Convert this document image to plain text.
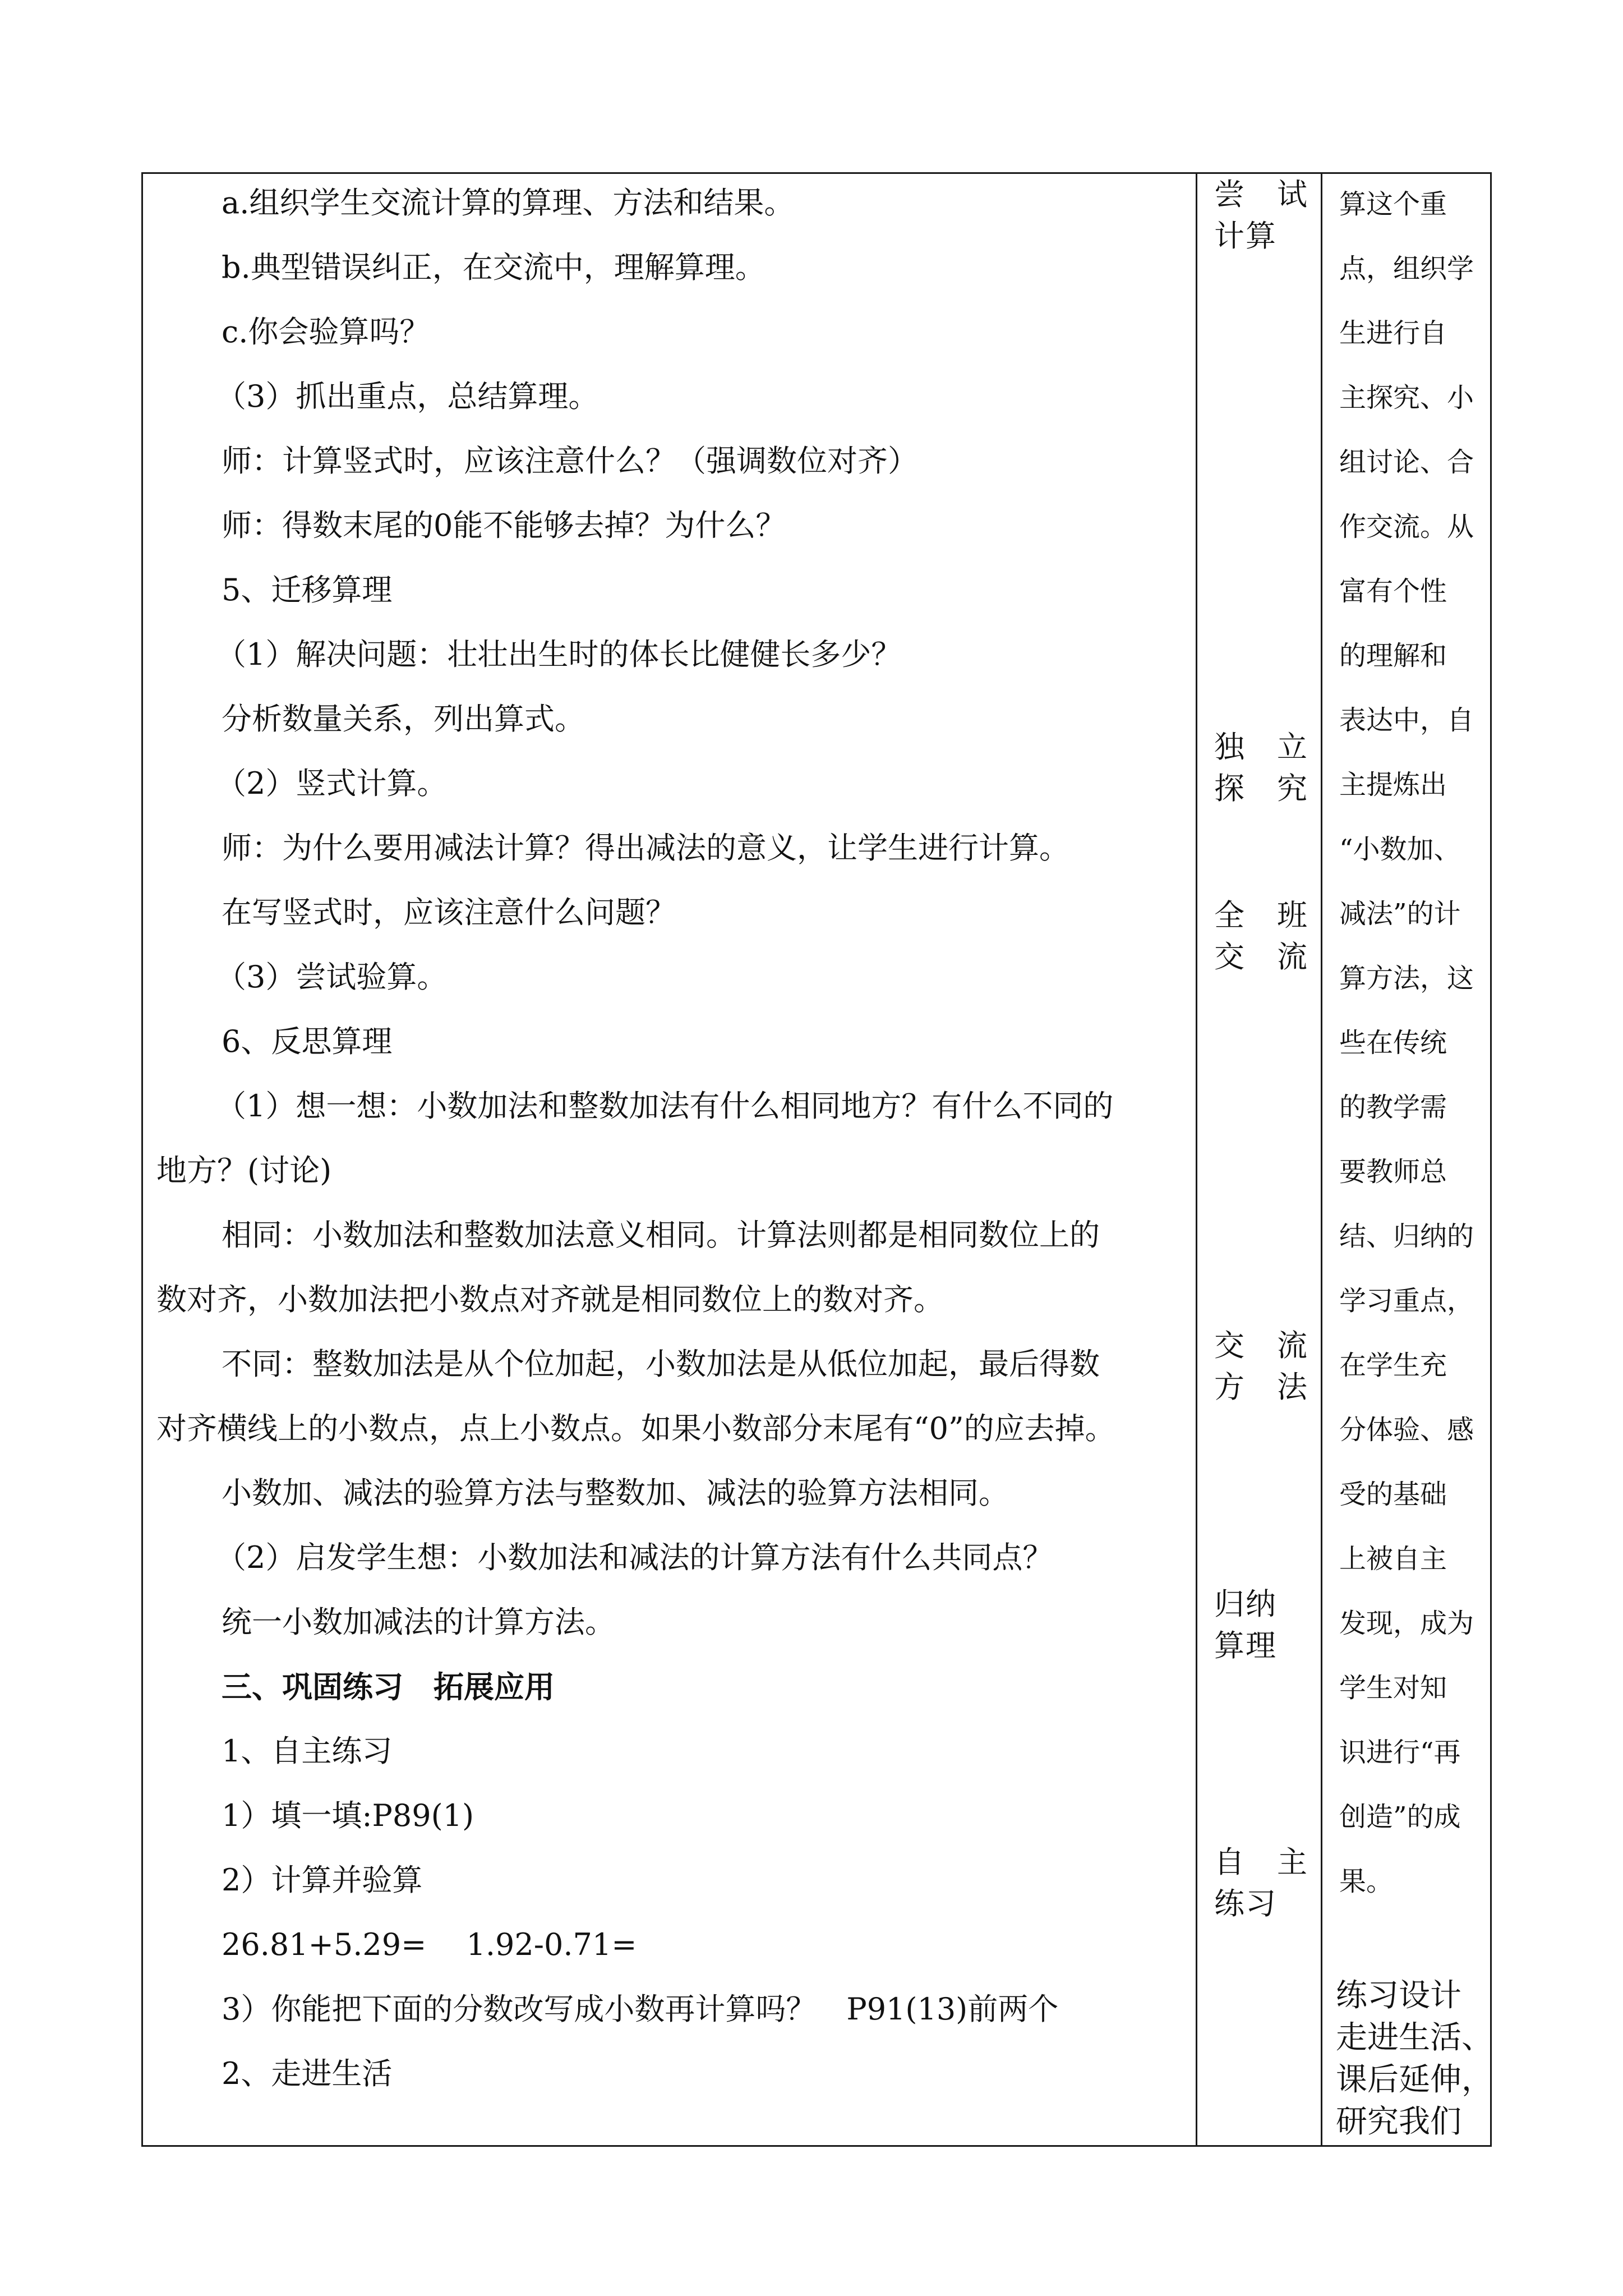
a.组织学生交流计算的算理、方法和结果。
b.典型错误纠正，在交流中，理解算理。
c.你会验算吗？
（3）抓出重点，总结算理。
师：计算竖式时，应该注意什么？（强调数位对齐）
师：得数末尾的0能不能够去掉？为什么？
5、迁移算理
（1）解决问题：壮壮出生时的体长比健健长多少？
分析数量关系，列出算式。
（2）竖式计算。
师：为什么要用减法计算？得出减法的意义，让学生进行计算。
在写竖式时，应该注意什么问题？
（3）尝试验算。
6、反思算理
（1）想一想：小数加法和整数加法有什么相同地方？有什么不同的
地方？(讨论)
相同：小数加法和整数加法意义相同。计算法则都是相同数位上的
数对齐，小数加法把小数点对齐就是相同数位上的数对齐。
不同：整数加法是从个位加起，小数加法是从低位加起，最后得数
对齐横线上的小数点，点上小数点。如果小数部分末尾有“0”的应去掉。
小数加、减法的验算方法与整数加、减法的验算方法相同。
（2）启发学生想：小数加法和减法的计算方法有什么共同点？
统一小数加减法的计算方法。
三、巩固练习　拓展应用
1、自主练习
1）填一填:P89(1)
2）计算并验算
26.81+5.29=　 1.92-0.71=
3）你能把下面的分数改写成小数再计算吗？　P91(13)前两个
2、走进生活
尝　试
计算
独　立
探　究
全　班
交　流
交　流
方　法
归纳
算理
自　主
练习
算这个重
点，组织学
生进行自
主探究、小
组讨论、合
作交流。从
富有个性
的理解和
表达中，自
主提炼出
“小数加、
减法”的计
算方法，这
些在传统
的教学需
要教师总
结、归纳的
学习重点，
在学生充
分体验、感
受的基础
上被自主
发现，成为
学生对知
识进行“再
创造”的成
果。
练习设计
走进生活、
课后延伸，
研究我们
